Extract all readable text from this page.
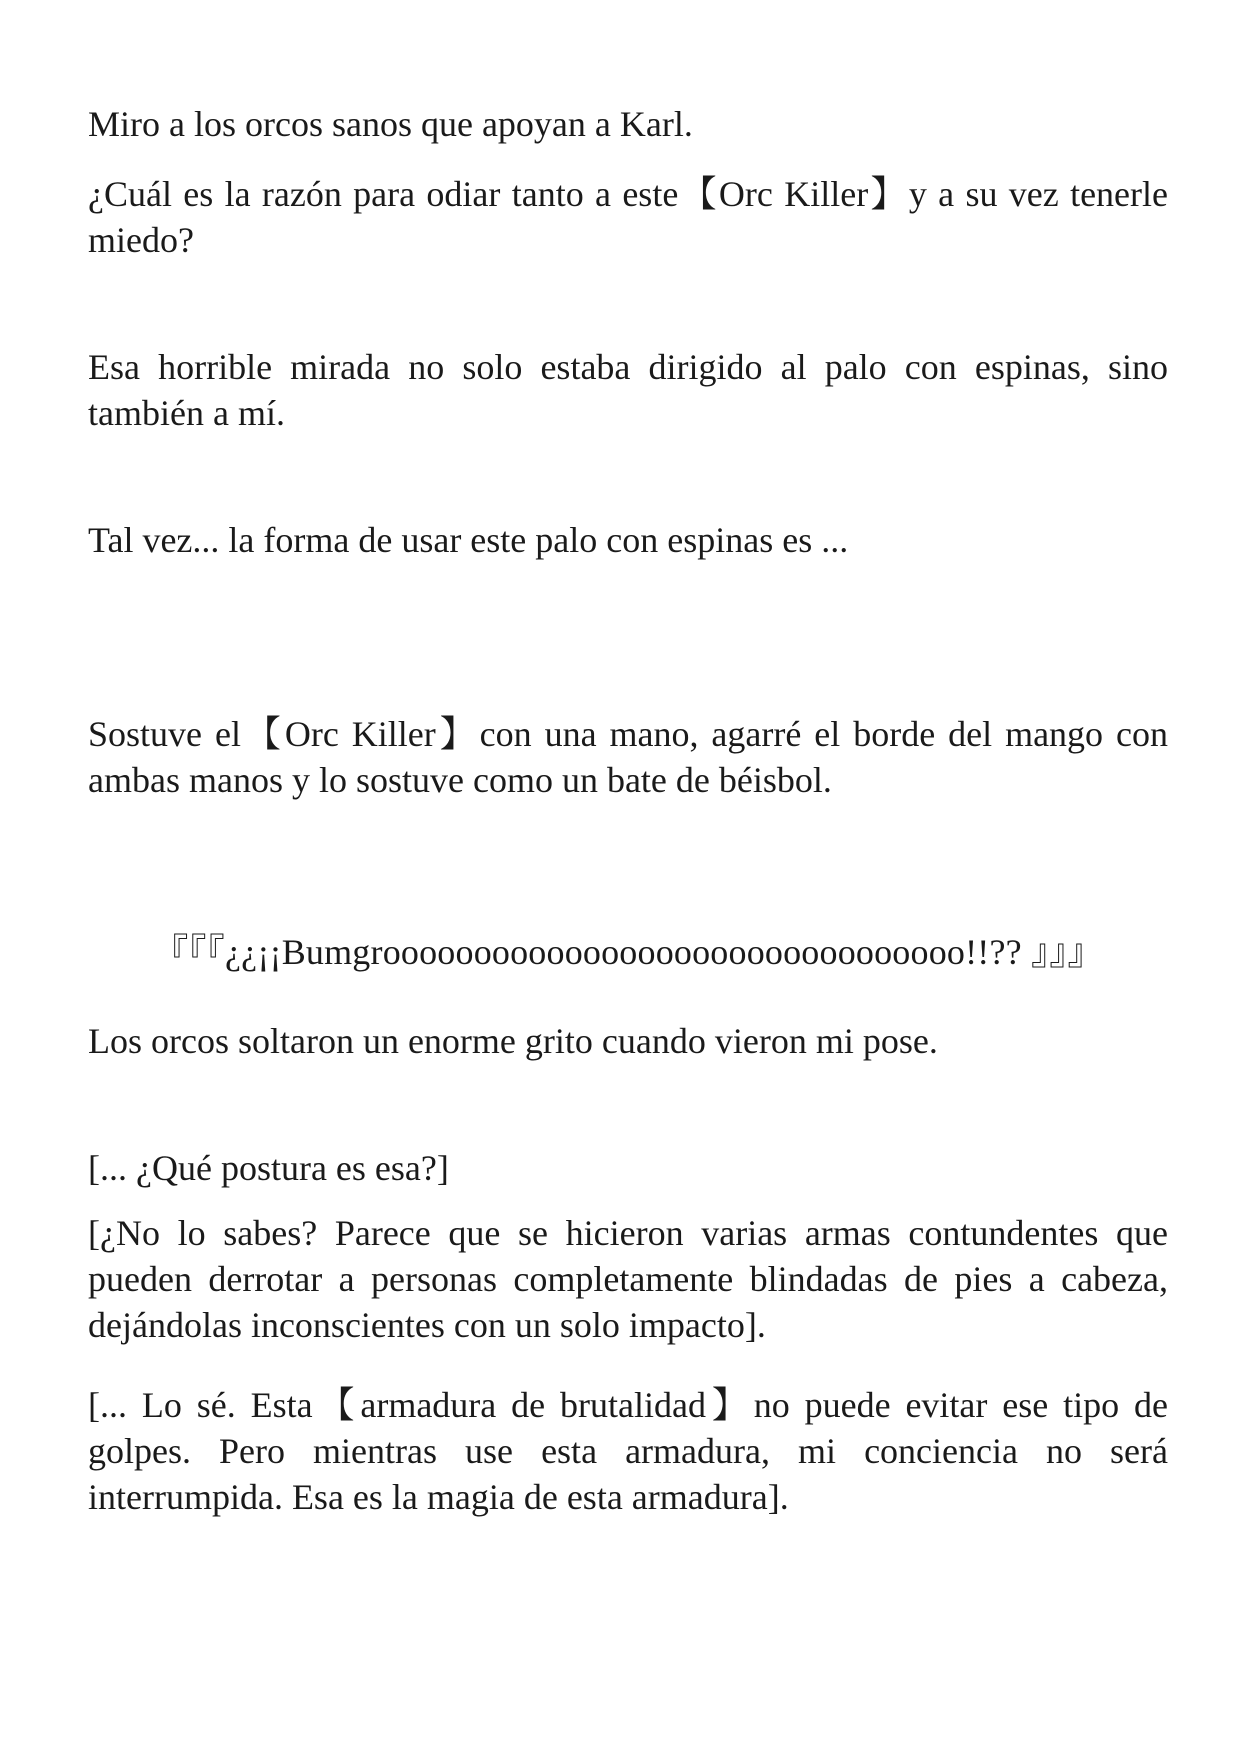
Miro a los orcos sanos que apoyan a Karl.

¿Cuál es la razón para odiar tanto a este【Orc Killer】y a su vez tenerle miedo?

Esa horrible mirada no solo estaba dirigido al palo con espinas, sino también a mí.

Tal vez... la forma de usar este palo con espinas es ...

Sostuve el【Orc Killer】con una mano, agarré el borde del mango con ambas manos y lo sostuve como un bate de béisbol.

『『『¿¿¡¡Bumgroooooooooooooooooooooooooooooooo!!?? 』』』

Los orcos soltaron un enorme grito cuando vieron mi pose.

[... ¿Qué postura es esa?]

[¿No lo sabes? Parece que se hicieron varias armas contundentes que pueden derrotar a personas completamente blindadas de pies a cabeza, dejándolas inconscientes con un solo impacto].

[... Lo sé. Esta【armadura de brutalidad】no puede evitar ese tipo de golpes. Pero mientras use esta armadura, mi conciencia no será interrumpida. Esa es la magia de esta armadura].
